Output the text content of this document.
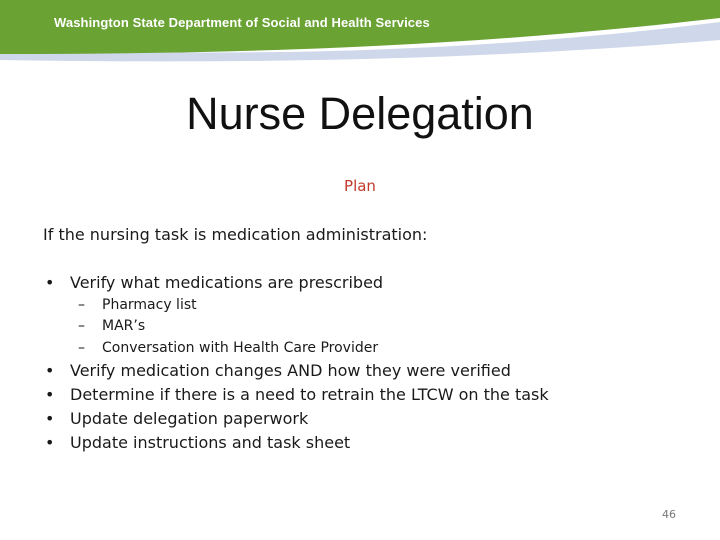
Washington State Department of Social and Health Services
Nurse Delegation
Plan
If the nursing task is medication administration:
• Verify what medications are prescribed
– Pharmacy list
– MAR’s
– Conversation with Health Care Provider
• Verify medication changes AND how they were verified
• Determine if there is a need to retrain the LTCW on the task
• Update delegation paperwork
• Update instructions and task sheet
46
